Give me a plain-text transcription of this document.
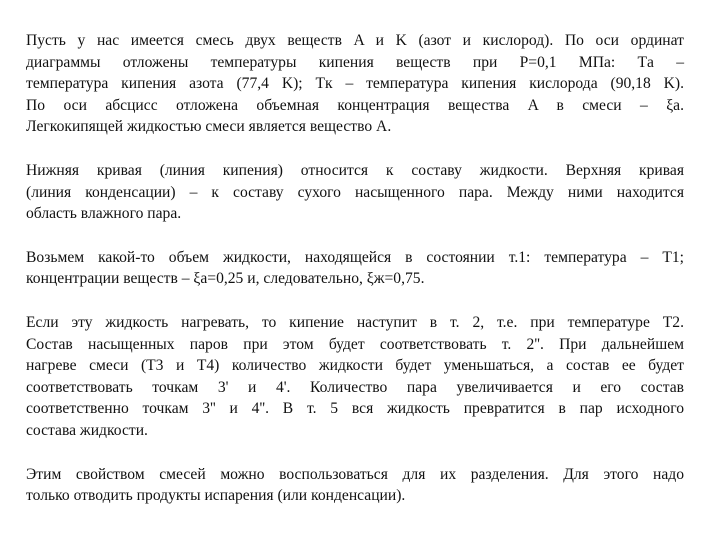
Пусть у нас имеется смесь двух веществ A и K (азот и кислород). По оси ординат
диаграммы отложены температуры кипения веществ при P=0,1 МПа: Tа –
температура кипения азота (77,4 K); Tк – температура кипения кислорода (90,18 K).
По оси абсцисс отложена объемная концентрация вещества A в смеси – ξа.
Легкокипящей жидкостью смеси является вещество A.

Нижняя кривая (линия кипения) относится к составу жидкости. Верхняя кривая
(линия конденсации) – к составу сухого насыщенного пара. Между ними находится
область влажного пара.

Возьмем какой-то объем жидкости, находящейся в состоянии т.1: температура – T1;
концентрации веществ – ξа=0,25 и, следовательно, ξж=0,75.

Если эту жидкость нагревать, то кипение наступит в т. 2, т.е. при температуре T2.
Состав насыщенных паров при этом будет соответствовать т. 2''. При дальнейшем
нагреве смеси (T3 и T4) количество жидкости будет уменьшаться, а состав ее будет
соответствовать точкам 3' и 4'. Количество пара увеличивается и его состав
соответственно точкам 3'' и 4''. В т. 5 вся жидкость превратится в пар исходного
состава жидкости.

Этим свойством смесей можно воспользоваться для их разделения. Для этого надо
только отводить продукты испарения (или конденсации).
